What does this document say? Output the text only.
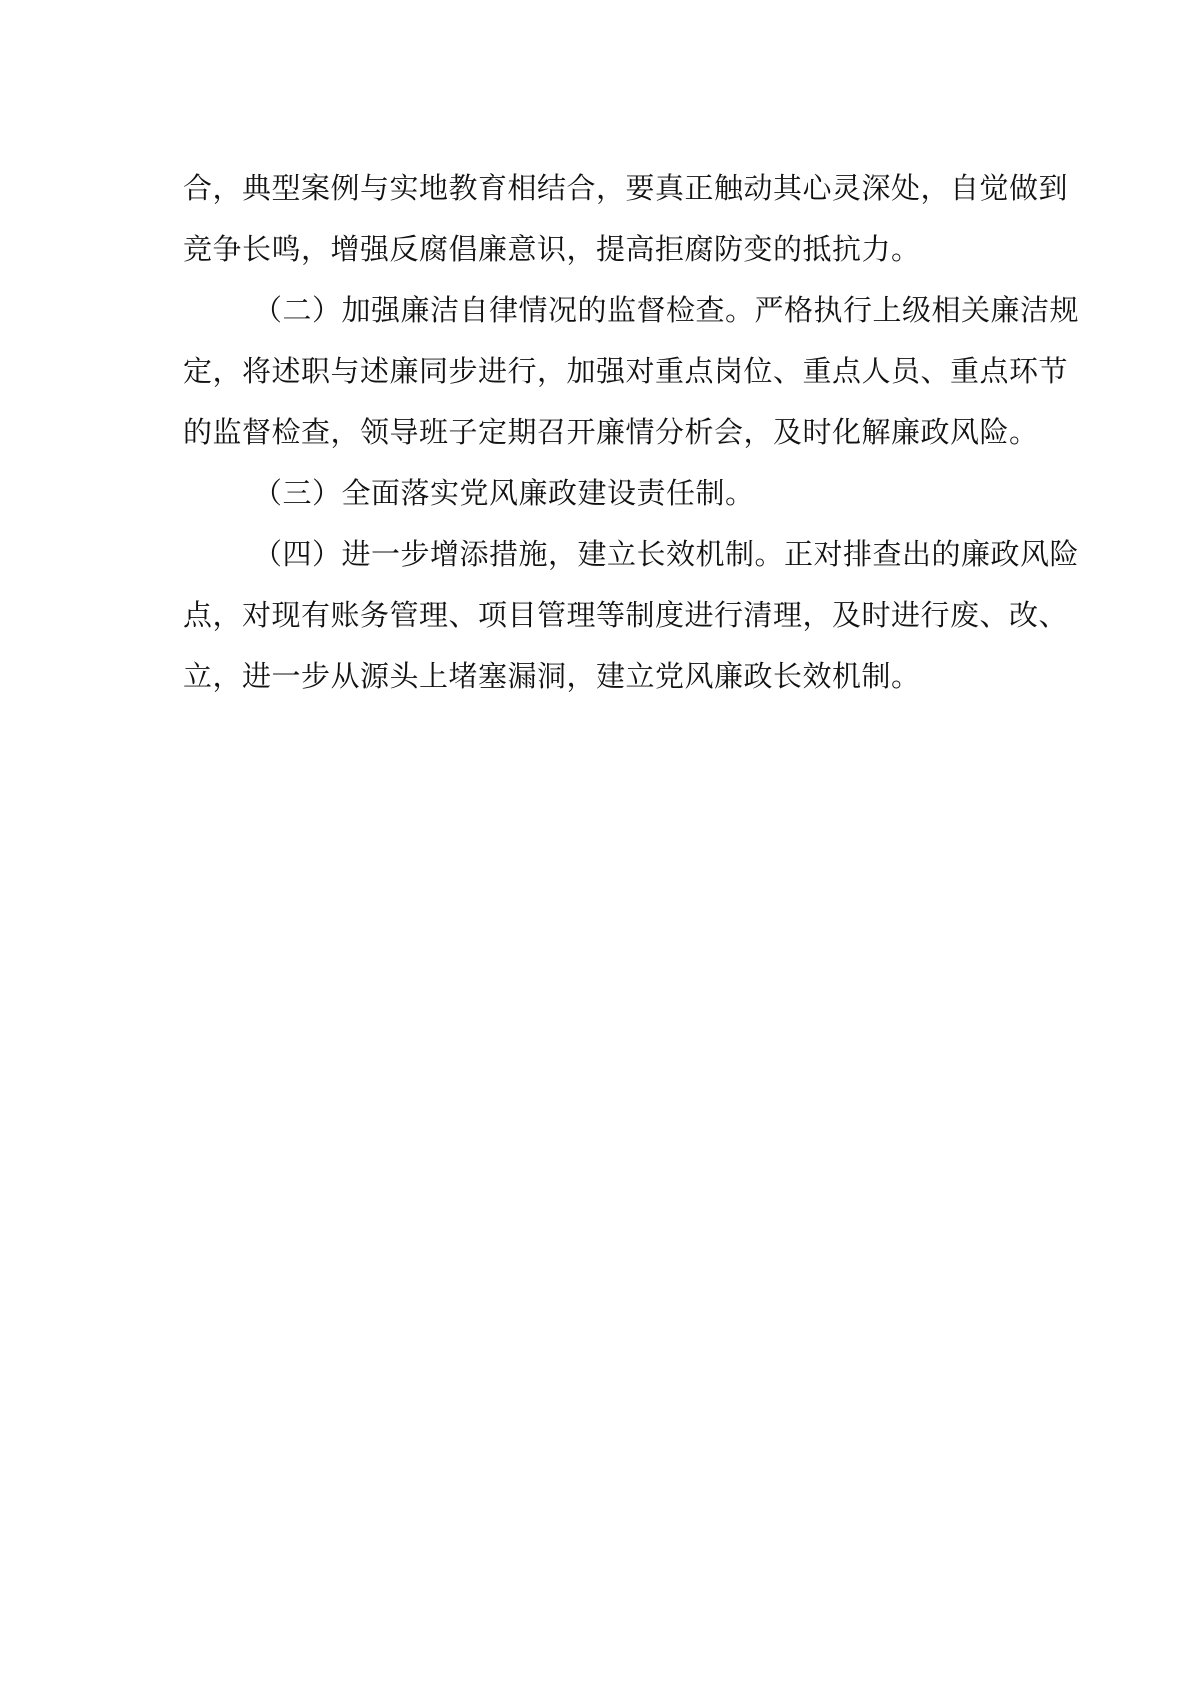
合，典型案例与实地教育相结合，要真正触动其心灵深处，自觉做到
竞争长鸣，增强反腐倡廉意识，提高拒腐防变的抵抗力。
（二）加强廉洁自律情况的监督检查。严格执行上级相关廉洁规
定，将述职与述廉同步进行，加强对重点岗位、重点人员、重点环节
的监督检查，领导班子定期召开廉情分析会，及时化解廉政风险。
（三）全面落实党风廉政建设责任制。
（四）进一步增添措施，建立长效机制。正对排查出的廉政风险
点，对现有账务管理、项目管理等制度进行清理，及时进行废、改、
立，进一步从源头上堵塞漏洞，建立党风廉政长效机制。
